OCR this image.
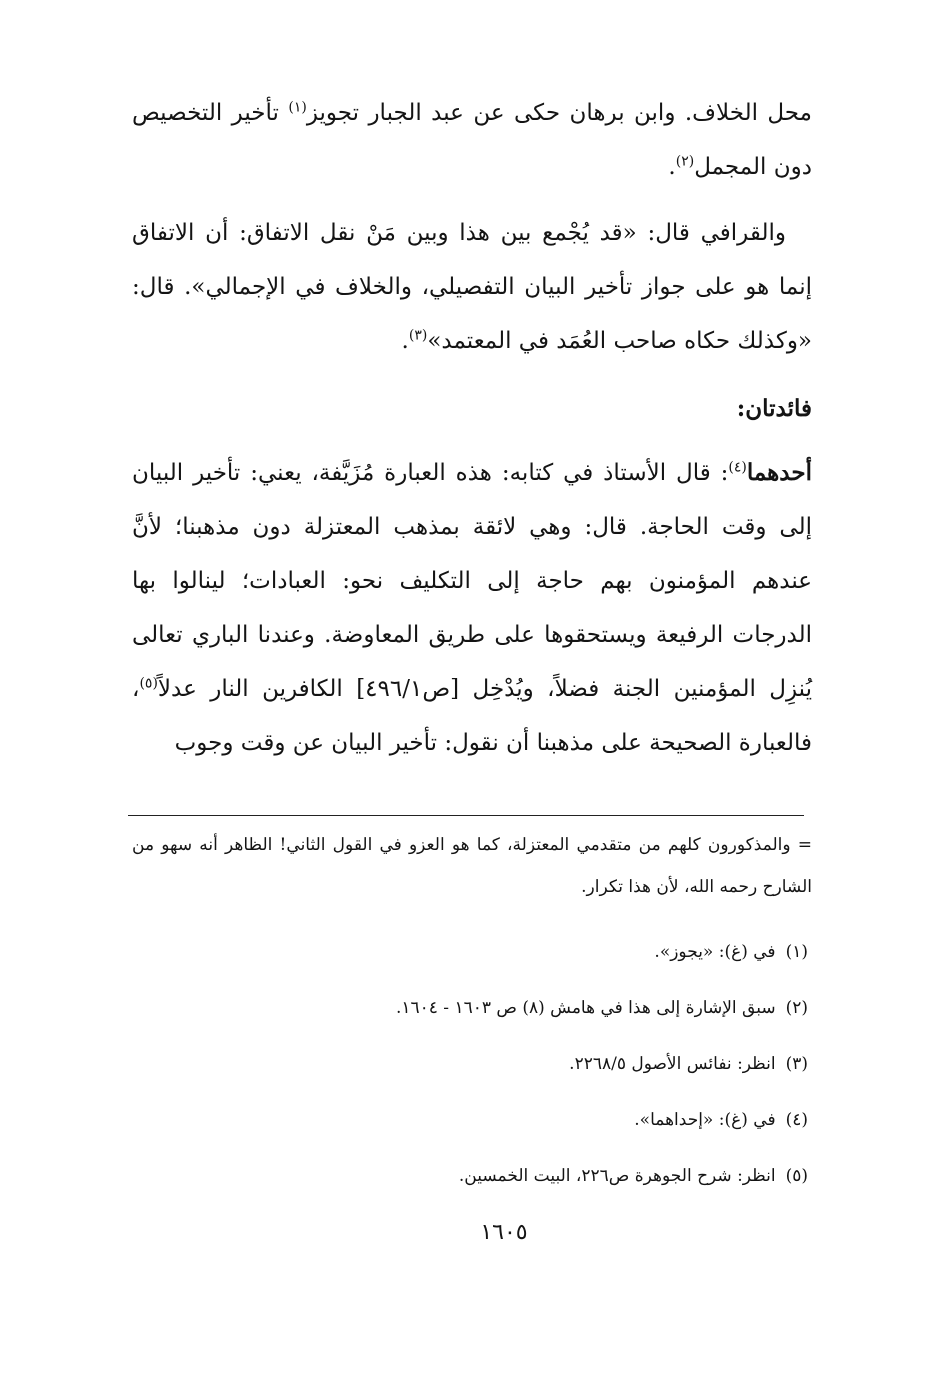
محل الخلاف. وابن برهان حكى عن عبد الجبار تجويز$^{(١)}$ تأخير التخصيص دون المجمل$^{(٢)}$.

والقرافي قال: «قد يُجْمع بين هذا وبين مَنْ نقل الاتفاق: أن الاتفاق إنما هو على جواز تأخير البيان التفصيلي، والخلاف في الإجمالي». قال: «وكذلك حكاه صاحب العُمَد في المعتمد»$^{(٣)}$.

فائدتان:

أحدهما$^{(٤)}$: قال الأستاذ في كتابه: هذه العبارة مُزَيَّفة، يعني: تأخير البيان إلى وقت الحاجة. قال: وهي لائقة بمذهب المعتزلة دون مذهبنا؛ لأنَّ عندهم المؤمنون بهم حاجة إلى التكليف نحو: العبادات؛ لينالوا بها الدرجات الرفيعة ويستحقوها على طريق المعاوضة. وعندنا الباري تعالى يُنزِل المؤمنين الجنة فضلاً، ويُدْخِل [ص٤٩٦/١] الكافرين النار عدلاً$^{(٥)}$، فالعبارة الصحيحة على مذهبنا أن نقول: تأخير البيان عن وقت وجوب

= والمذكورون كلهم من متقدمي المعتزلة، كما هو العزو في القول الثاني! الظاهر أنه سهو من الشارح رحمه الله، لأن هذا تكرار.

(١)في (غ): «يجوز».
(٢)سبق الإشارة إلى هذا في هامش (٨) ص ١٦٠٣ - ١٦٠٤.
(٣)انظر: نفائس الأصول ٢٢٦٨/٥.
(٤)في (غ): «إحداهما».
(٥)انظر: شرح الجوهرة ص٢٢٦، البيت الخمسين.
١٦٠٥
